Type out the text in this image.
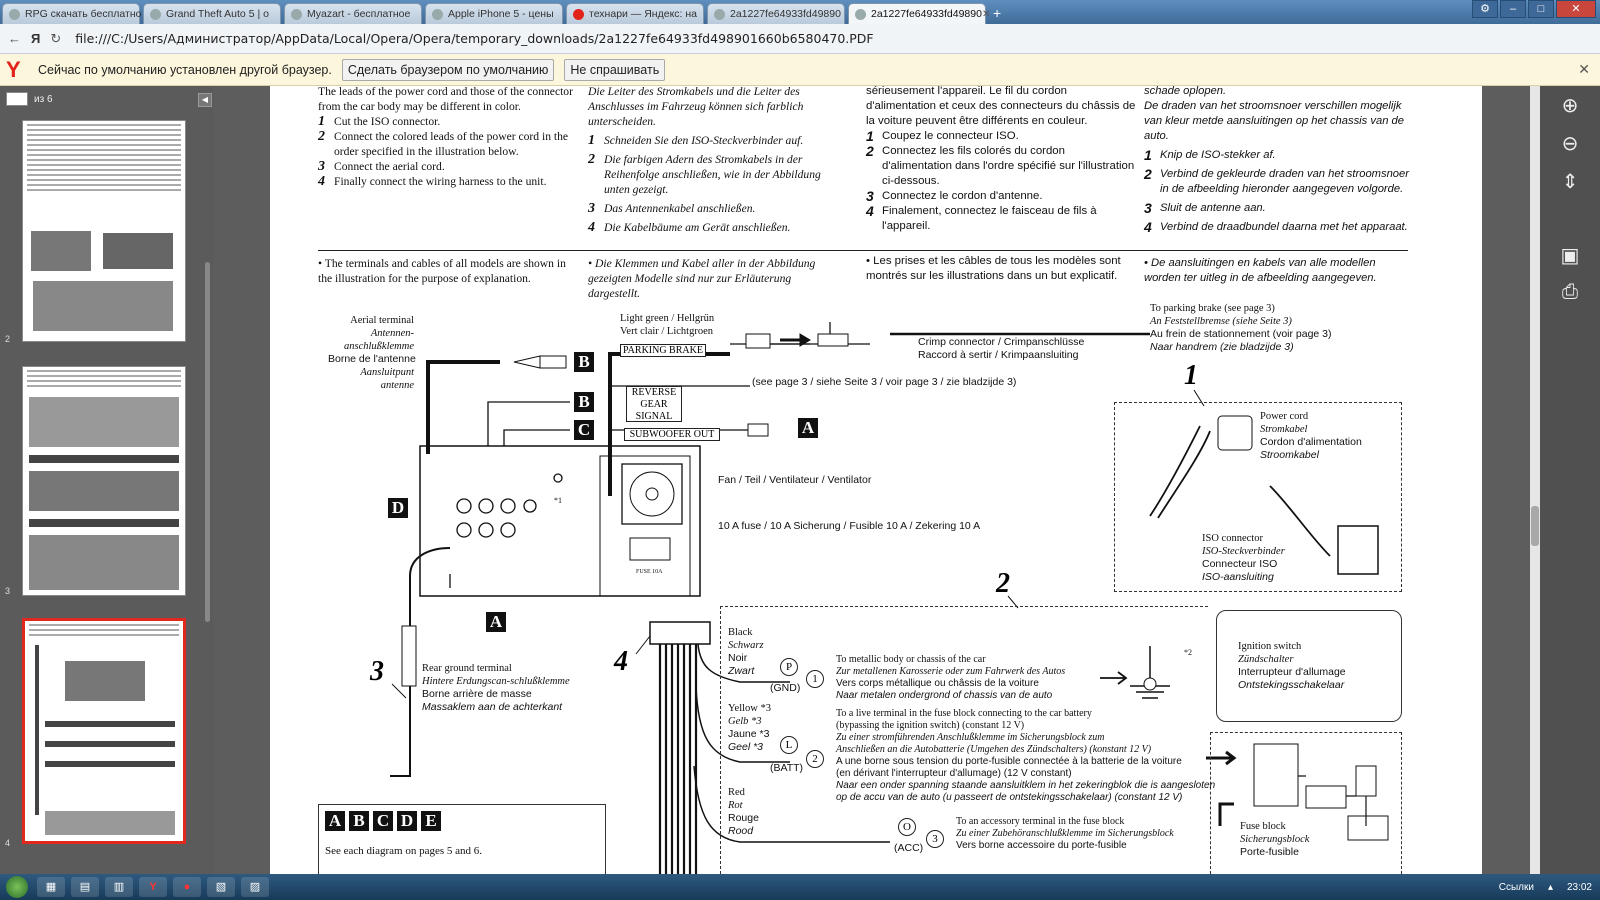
RPG скачать бесплатно Grand Theft Auto 5 | о	Myazart - бесплатное	Apple iPhone 5 - цены	технари — Яндекс: на	2a1227fe64933fd49890	2a1227fe64933fd49890 ✕ +	⚙	–	□	✕
← Я ↻ file:///C:/Users/Администратор/AppData/Local/Opera/Opera/temporary_downloads/2a1227fe64933fd498901660b6580470.PDF
Y	Сейчас по умолчанию установлен другой браузер.	Сделать браузером по умолчанию	Не спрашивать	✕
из 6	◀
2
3
4

The leads of the power cord and those of the connector from the car body may be different in color.

1 Cut the ISO connector.
2 Connect the colored leads of the power cord in the order specified in the illustration below.
3 Connect the aerial cord.
4 Finally connect the wiring harness to the unit.

Die Leiter des Stromkabels und die Leiter des Anschlusses im Fahrzeug können sich farblich unterscheiden.

1 Schneiden Sie den ISO-Steckverbinder auf.
2 Die farbigen Adern des Stromkabels in der Reihenfolge anschließen, wie in der Abbildung unten gezeigt.
3 Das Antennenkabel anschließen.
4 Die Kabelbäume am Gerät anschließen.

sérieusement l'appareil. Le fil du cordon d'alimentation et ceux des connecteurs du châssis de la voiture peuvent être différents en couleur.

1 Coupez le connecteur ISO.
2 Connectez les fils colorés du cordon d'alimentation dans l'ordre spécifié sur l'illustration ci-dessous.
3 Connectez le cordon d'antenne.
4 Finalement, connectez le faisceau de fils à l'appareil.

schade oplopen.

De draden van het stroomsnoer verschillen mogelijk van kleur metde aansluitingen op het chassis van de auto.

1 Knip de ISO-stekker af.
2 Verbind de gekleurde draden van het stroomsnoer in de afbeelding hieronder aangegeven volgorde.
3 Sluit de antenne aan.
4 Verbind de draadbundel daarna met het apparaat.
• The terminals and cables of all models are shown in the illustration for the purpose of explanation.
• Die Klemmen und Kabel aller in der Abbildung gezeigten Modelle sind nur zur Erläuterung dargestellt.
• Les prises et les câbles de tous les modèles sont montrés sur les illustrations dans un but explicatif.
• De aansluitingen en kabels van alle modellen worden ter uitleg in de afbeelding aangegeven.
Aerial terminal
Antennen-
anschlußklemme
Borne de l'antenne
Aansluitpunt
antenne
Light green / Hellgrün
Vert clair / Lichtgroen
PARKING BRAKE
REVERSE
GEAR
SIGNAL
SUBWOOFER OUT
(see page 3 / siehe Seite 3 / voir page 3 / zie bladzijde 3)
Crimp connector / Crimpanschlüsse
Raccord à sertir / Krimpaansluiting
To parking brake (see page 3)
An Feststellbremse (siehe Seite 3)
Au frein de stationnement (voir page 3)
Naar handrem (zie bladzijde 3)
Fan / Teil / Ventilateur / Ventilator
10 A fuse / 10 A Sicherung / Fusible 10 A / Zekering 10 A
FUSE 10A
1
Power cord
Stromkabel
Cordon d'alimentation
Stroomkabel
ISO connector
ISO-Steckverbinder
Connecteur ISO
ISO-aansluiting
2
3	4
Rear ground terminal
Hintere Erdungscan-schlußklemme
Borne arrière de masse
Massaklem aan de achterkant
Black
Schwarz
Noir
Zwart
(GND)
Yellow *3
Gelb *3
Jaune *3
Geel *3
(BATT)
Red
Rot
Rouge
Rood
(ACC)
P
L
O
1
2
3
To metallic body or chassis of the car
Zur metallenen Karosserie oder zum Fahrwerk des Autos
Vers corps métallique ou châssis de la voiture
Naar metalen ondergrond of chassis van de auto
To a live terminal in the fuse block connecting to the car battery
(bypassing the ignition switch) (constant 12 V)
Zu einer stromführenden Anschlußklemme im Sicherungsblock zum
Anschließen an die Autobatterie (Umgehen des Zündschalters) (konstant 12 V)
A une borne sous tension du porte-fusible connectée à la batterie de la voiture
(en dérivant l'interrupteur d'allumage) (12 V constant)
Naar een onder spanning staande aansluitklem in het zekeringblok die is aangesloten
op de accu van de auto (u passeert de ontstekingsschakelaar) (constant 12 V)
To an accessory terminal in the fuse block
Zu einer Zubehöranschlußklemme im Sicherungsblock
Vers borne accessoire du porte-fusible
Ignition switch
Zündschalter
Interrupteur d'allumage
Ontstekingsschakelaar
Fuse block
Sicherungsblock
Porte-fusible
*1
*2
B
B
C
D
A
A
A B C D E
See each diagram on pages 5 and 6.
⊕
⊖
⇕
▣
⎙
▦	▤	▥	Y	●	▧	▨	Ссылки ▴ 23:02
